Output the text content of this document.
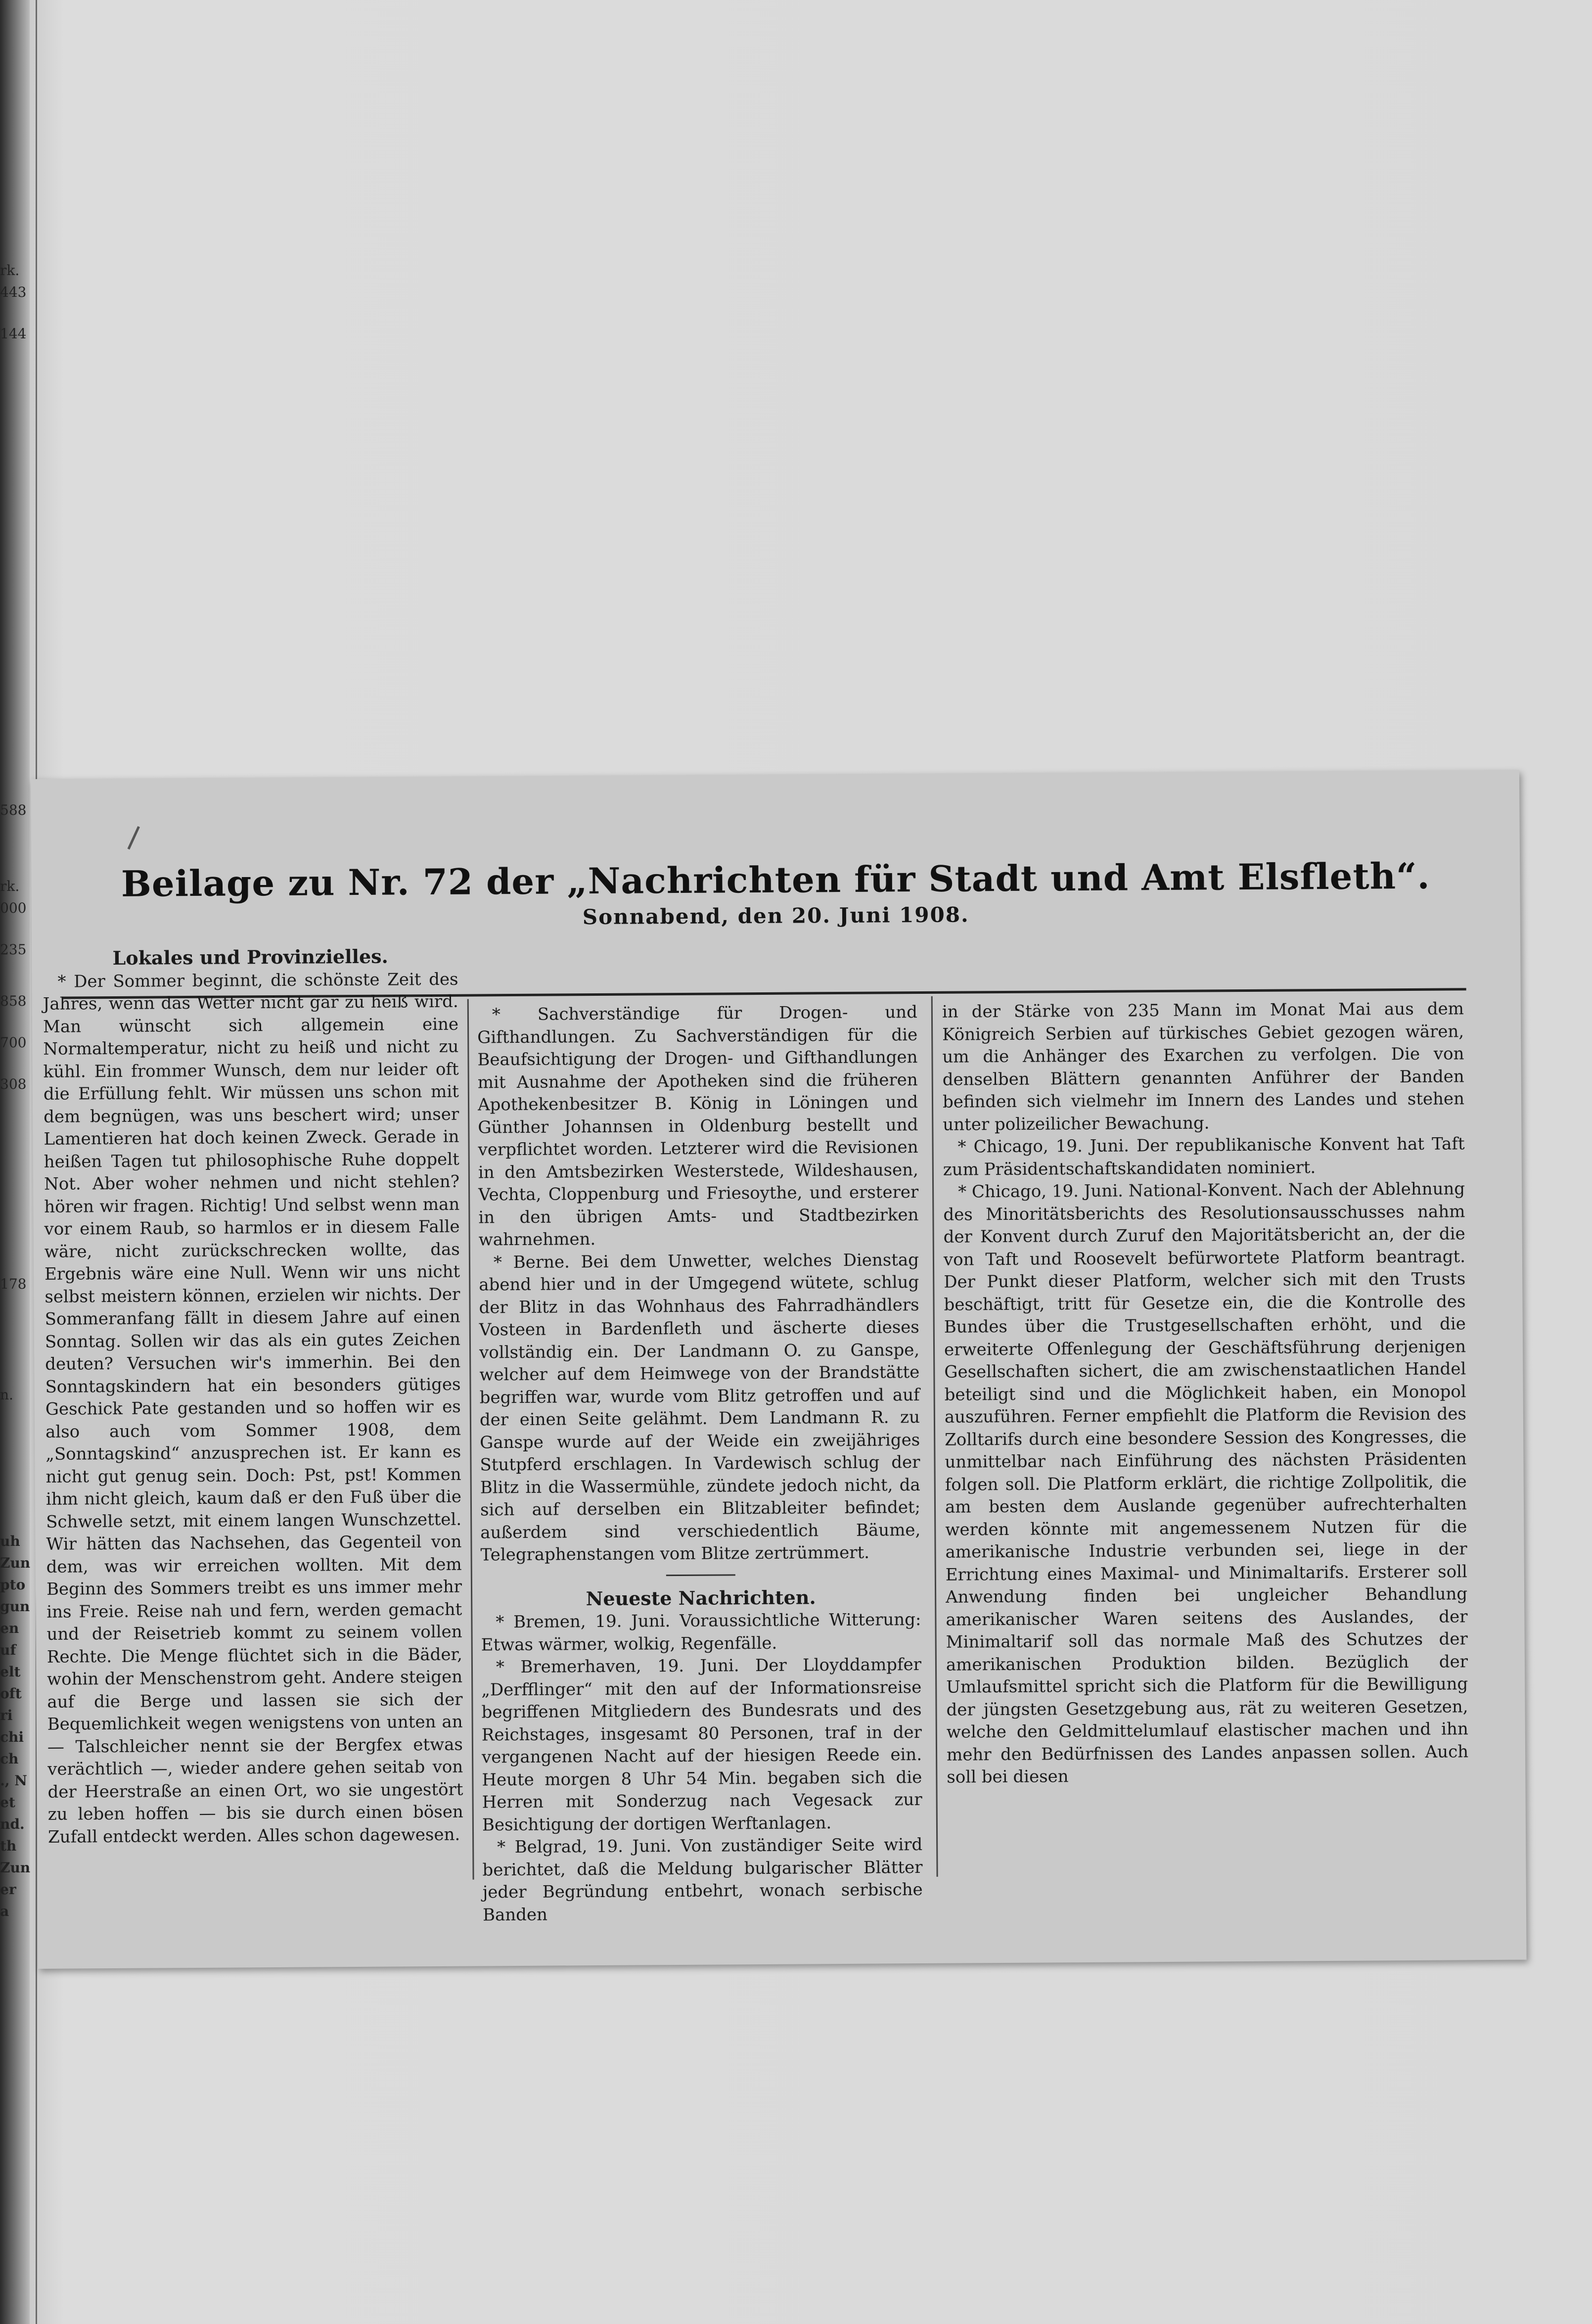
rk.
443
144
588
rk.
000
235
858
700
308
178
n.
uh
Zun
pto
gun
en
uf
elt
oft
ri
chi
ch
., N
et
nd.
th
Zun
er
a
Beilage zu Nr. 72 der „Nachrichten für Stadt und Amt Elsfleth“.
Sonnabend, den 20. Juni 1908.
Lokales und Provinzielles.

* Der Sommer beginnt, die schönste Zeit des Jahres, wenn das Wetter nicht gar zu heiß wird. Man wünscht sich allgemein eine Normaltemperatur, nicht zu heiß und nicht zu kühl. Ein frommer Wunsch, dem nur leider oft die Erfüllung fehlt. Wir müssen uns schon mit dem begnügen, was uns beschert wird; unser Lamentieren hat doch keinen Zweck. Gerade in heißen Tagen tut philosophische Ruhe doppelt Not. Aber woher nehmen und nicht stehlen? hören wir fragen. Richtig! Und selbst wenn man vor einem Raub, so harmlos er in diesem Falle wäre, nicht zurückschrecken wollte, das Ergebnis wäre eine Null. Wenn wir uns nicht selbst meistern können, erzielen wir nichts. Der Sommeranfang fällt in diesem Jahre auf einen Sonntag. Sollen wir das als ein gutes Zeichen deuten? Versuchen wir's immerhin. Bei den Sonntagskindern hat ein besonders gütiges Geschick Pate gestanden und so hoffen wir es also auch vom Sommer 1908, dem „Sonntagskind“ anzusprechen ist. Er kann es nicht gut genug sein. Doch: Pst, pst! Kommen ihm nicht gleich, kaum daß er den Fuß über die Schwelle setzt, mit einem langen Wunschzettel. Wir hätten das Nachsehen, das Gegenteil von dem, was wir erreichen wollten. Mit dem Beginn des Sommers treibt es uns immer mehr ins Freie. Reise nah und fern, werden gemacht und der Reisetrieb kommt zu seinem vollen Rechte. Die Menge flüchtet sich in die Bäder, wohin der Menschenstrom geht. Andere steigen auf die Berge und lassen sie sich der Bequemlichkeit wegen wenigstens von unten an — Talschleicher nennt sie der Bergfex etwas verächtlich —, wieder andere gehen seitab von der Heerstraße an einen Ort, wo sie ungestört zu leben hoffen — bis sie durch einen bösen Zufall entdeckt werden. Alles schon dagewesen.

* Sachverständige für Drogen- und Gifthandlungen. Zu Sachverständigen für die Beaufsichtigung der Drogen- und Gifthandlungen mit Ausnahme der Apotheken sind die früheren Apothekenbesitzer B. König in Löningen und Günther Johannsen in Oldenburg bestellt und verpflichtet worden. Letzterer wird die Revisionen in den Amtsbezirken Westerstede, Wildeshausen, Vechta, Cloppenburg und Friesoythe, und ersterer in den übrigen Amts- und Stadtbezirken wahrnehmen.

* Berne. Bei dem Unwetter, welches Dienstag abend hier und in der Umgegend wütete, schlug der Blitz in das Wohnhaus des Fahrradhändlers Vosteen in Bardenfleth und äscherte dieses vollständig ein. Der Landmann O. zu Ganspe, welcher auf dem Heimwege von der Brandstätte begriffen war, wurde vom Blitz getroffen und auf der einen Seite gelähmt. Dem Landmann R. zu Ganspe wurde auf der Weide ein zweijähriges Stutpferd erschlagen. In Vardewisch schlug der Blitz in die Wassermühle, zündete jedoch nicht, da sich auf derselben ein Blitzableiter befindet; außerdem sind verschiedentlich Bäume, Telegraphenstangen vom Blitze zertrümmert.

Neueste Nachrichten.

* Bremen, 19. Juni. Voraussichtliche Witterung: Etwas wärmer, wolkig, Regenfälle.

* Bremerhaven, 19. Juni. Der Lloyddampfer „Derfflinger“ mit den auf der Informationsreise begriffenen Mitgliedern des Bundesrats und des Reichstages, insgesamt 80 Personen, traf in der vergangenen Nacht auf der hiesigen Reede ein. Heute morgen 8 Uhr 54 Min. begaben sich die Herren mit Sonderzug nach Vegesack zur Besichtigung der dortigen Werftanlagen.

* Belgrad, 19. Juni. Von zuständiger Seite wird berichtet, daß die Meldung bulgarischer Blätter jeder Begründung entbehrt, wonach serbische Banden

in der Stärke von 235 Mann im Monat Mai aus dem Königreich Serbien auf türkisches Gebiet gezogen wären, um die Anhänger des Exarchen zu verfolgen. Die von denselben Blättern genannten Anführer der Banden befinden sich vielmehr im Innern des Landes und stehen unter polizeilicher Bewachung.

* Chicago, 19. Juni. Der republikanische Konvent hat Taft zum Präsidentschaftskandidaten nominiert.

* Chicago, 19. Juni. National-Konvent. Nach der Ablehnung des Minoritätsberichts des Resolutionsausschusses nahm der Konvent durch Zuruf den Majoritätsbericht an, der die von Taft und Roosevelt befürwortete Platform beantragt. Der Punkt dieser Platform, welcher sich mit den Trusts beschäftigt, tritt für Gesetze ein, die die Kontrolle des Bundes über die Trustgesellschaften erhöht, und die erweiterte Offenlegung der Geschäftsführung derjenigen Gesellschaften sichert, die am zwischenstaatlichen Handel beteiligt sind und die Möglichkeit haben, ein Monopol auszuführen. Ferner empfiehlt die Platform die Revision des Zolltarifs durch eine besondere Session des Kongresses, die unmittelbar nach Einführung des nächsten Präsidenten folgen soll. Die Platform erklärt, die richtige Zollpolitik, die am besten dem Auslande gegenüber aufrechterhalten werden könnte mit angemessenem Nutzen für die amerikanische Industrie verbunden sei, liege in der Errichtung eines Maximal- und Minimaltarifs. Ersterer soll Anwendung finden bei ungleicher Behandlung amerikanischer Waren seitens des Auslandes, der Minimaltarif soll das normale Maß des Schutzes der amerikanischen Produktion bilden. Bezüglich der Umlaufsmittel spricht sich die Platform für die Bewilligung der jüngsten Gesetzgebung aus, rät zu weiteren Gesetzen, welche den Geldmittelumlauf elastischer machen und ihn mehr den Bedürfnissen des Landes anpassen sollen. Auch soll bei diesen
